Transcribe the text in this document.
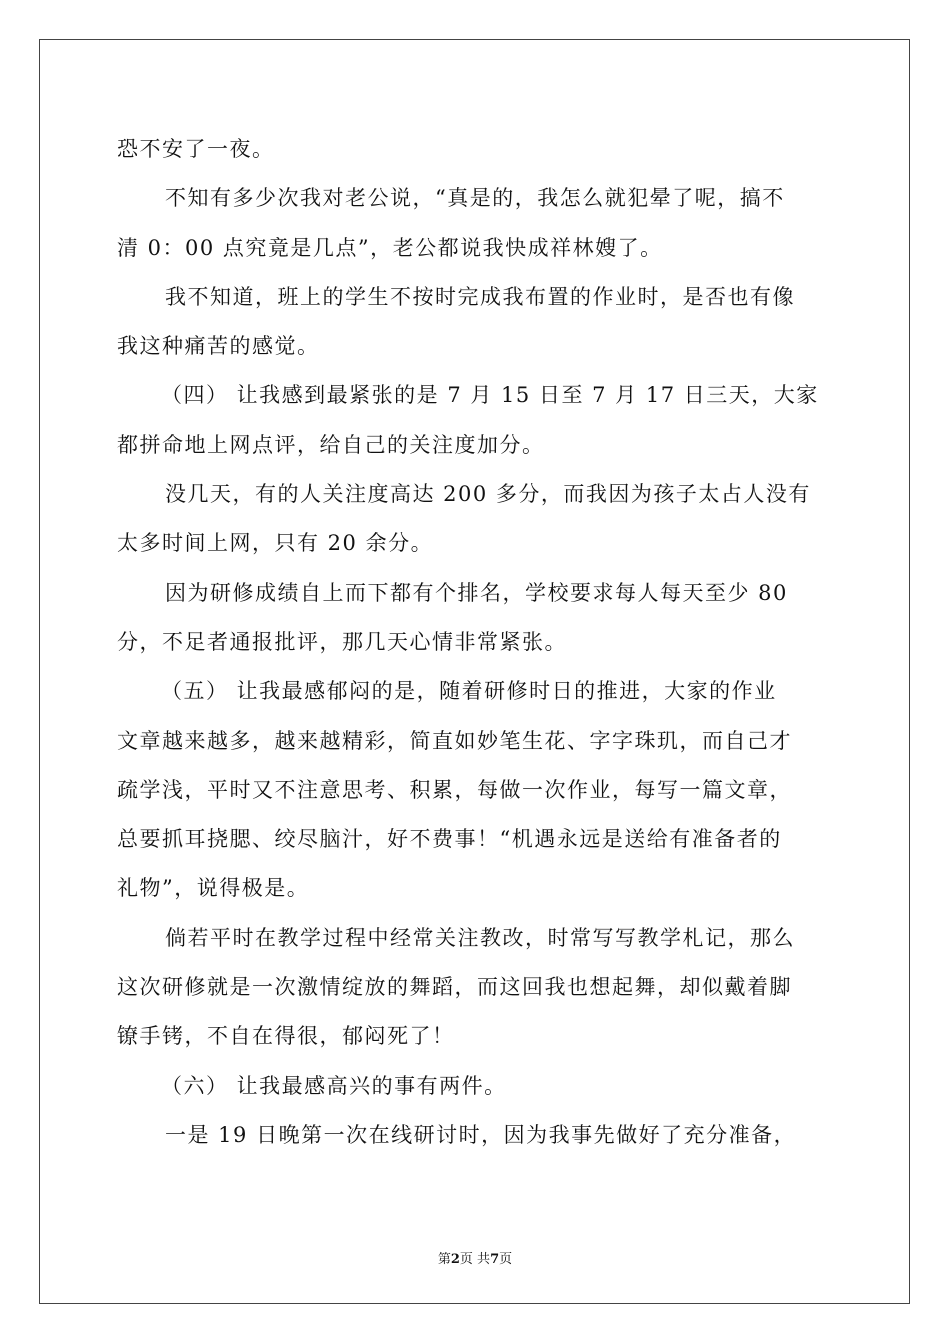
恐不安了一夜。
不知有多少次我对老公说，“真是的，我怎么就犯晕了呢，搞不
清 0：00 点究竟是几点”，老公都说我快成祥林嫂了。
我不知道，班上的学生不按时完成我布置的作业时，是否也有像
我这种痛苦的感觉。
（四） 让我感到最紧张的是 7 月 15 日至 7 月 17 日三天，大家
都拼命地上网点评，给自己的关注度加分。
没几天，有的人关注度高达 200 多分，而我因为孩子太占人没有
太多时间上网，只有 20 余分。
因为研修成绩自上而下都有个排名，学校要求每人每天至少 80
分，不足者通报批评，那几天心情非常紧张。
（五） 让我最感郁闷的是，随着研修时日的推进，大家的作业
文章越来越多，越来越精彩，简直如妙笔生花、字字珠玑，而自己才
疏学浅，平时又不注意思考、积累，每做一次作业，每写一篇文章，
总要抓耳挠腮、绞尽脑汁，好不费事！“机遇永远是送给有准备者的
礼物”，说得极是。
倘若平时在教学过程中经常关注教改，时常写写教学札记，那么
这次研修就是一次激情绽放的舞蹈，而这回我也想起舞，却似戴着脚
镣手铐，不自在得很，郁闷死了！
（六） 让我最感高兴的事有两件。
一是 19 日晚第一次在线研讨时，因为我事先做好了充分准备，
第2页 共7页
